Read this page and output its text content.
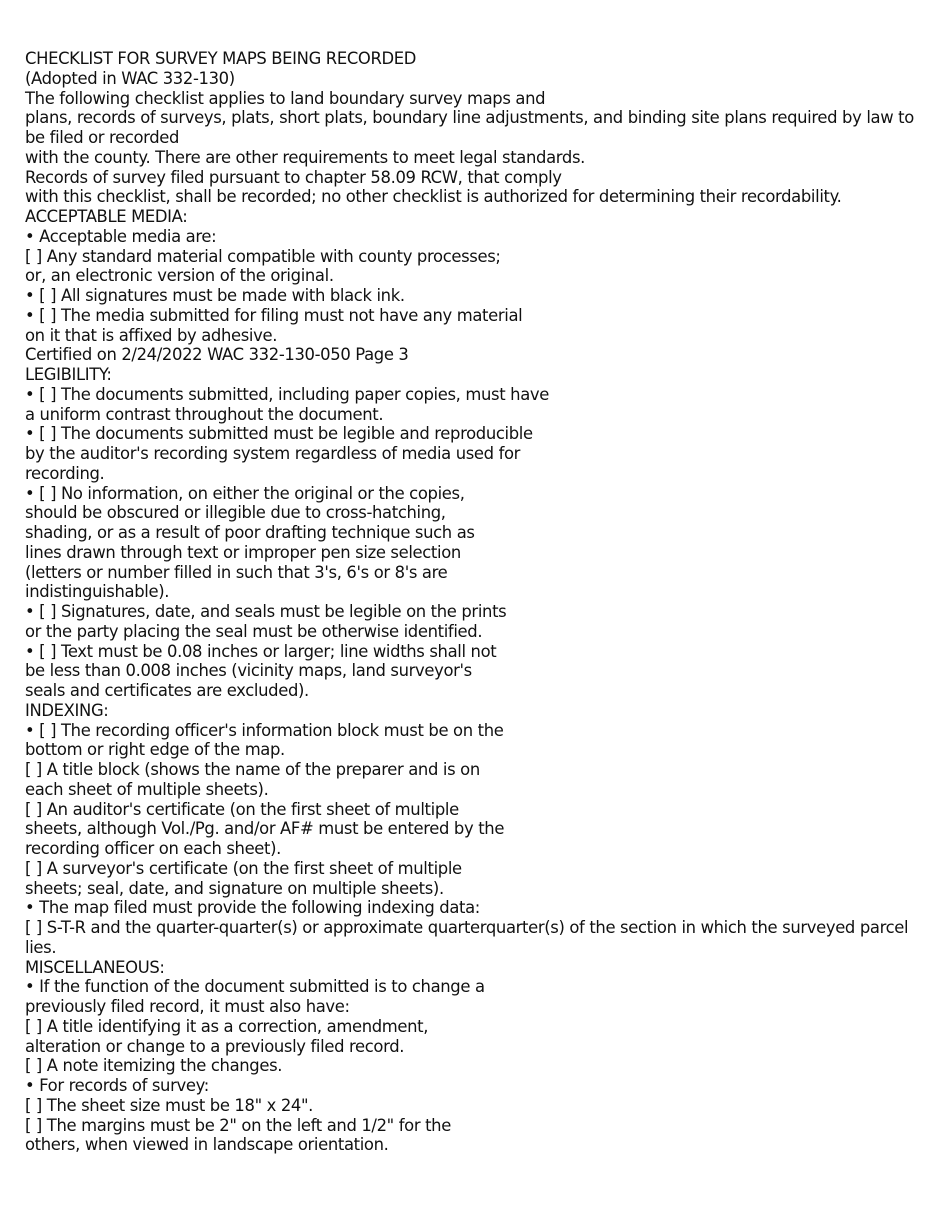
CHECKLIST FOR SURVEY MAPS BEING RECORDED
(Adopted in WAC 332-130)
The following checklist applies to land boundary survey maps and
plans, records of surveys, plats, short plats, boundary line adjustments, and binding site plans required by law to be filed or recorded
with the county. There are other requirements to meet legal standards.
Records of survey filed pursuant to chapter 58.09 RCW, that comply
with this checklist, shall be recorded; no other checklist is authorized for determining their recordability.
ACCEPTABLE MEDIA:
• Acceptable media are:
[ ] Any standard material compatible with county processes;
or, an electronic version of the original.
• [ ] All signatures must be made with black ink.
• [ ] The media submitted for filing must not have any material
on it that is affixed by adhesive.
Certified on 2/24/2022 WAC 332-130-050 Page 3
LEGIBILITY:
• [ ] The documents submitted, including paper copies, must have
a uniform contrast throughout the document.
• [ ] The documents submitted must be legible and reproducible
by the auditor's recording system regardless of media used for
recording.
• [ ] No information, on either the original or the copies,
should be obscured or illegible due to cross-hatching,
shading, or as a result of poor drafting technique such as
lines drawn through text or improper pen size selection
(letters or number filled in such that 3's, 6's or 8's are
indistinguishable).
• [ ] Signatures, date, and seals must be legible on the prints
or the party placing the seal must be otherwise identified.
• [ ] Text must be 0.08 inches or larger; line widths shall not
be less than 0.008 inches (vicinity maps, land surveyor's
seals and certificates are excluded).
INDEXING:
• [ ] The recording officer's information block must be on the
bottom or right edge of the map.
[ ] A title block (shows the name of the preparer and is on
each sheet of multiple sheets).
[ ] An auditor's certificate (on the first sheet of multiple
sheets, although Vol./Pg. and/or AF# must be entered by the
recording officer on each sheet).
[ ] A surveyor's certificate (on the first sheet of multiple
sheets; seal, date, and signature on multiple sheets).
• The map filed must provide the following indexing data:
[ ] S-T-R and the quarter-quarter(s) or approximate quarterquarter(s) of the section in which the surveyed parcel lies.
MISCELLANEOUS:
• If the function of the document submitted is to change a
previously filed record, it must also have:
[ ] A title identifying it as a correction, amendment,
alteration or change to a previously filed record.
[ ] A note itemizing the changes.
• For records of survey:
[ ] The sheet size must be 18" x 24".
[ ] The margins must be 2" on the left and 1/2" for the
others, when viewed in landscape orientation.
